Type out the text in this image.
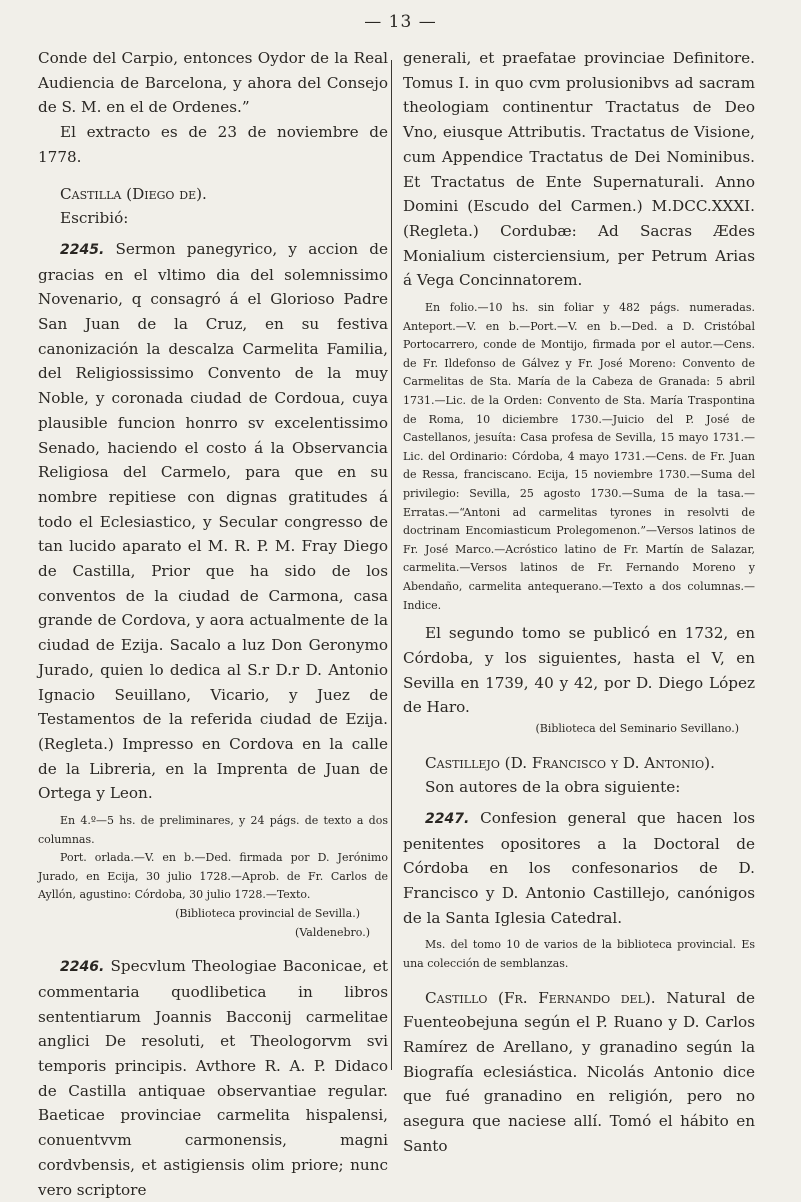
— 13 —

Conde del Carpio, entonces Oydor de la Real Audiencia de Barcelona, y ahora del Consejo de S. M. en el de Ordenes.”

El extracto es de 23 de noviembre de 1778.

Castilla (Diego de).

Escribió:

2245. Sermon panegyrico, y accion de gracias en el vltimo dia del solemnissimo Novenario, q consagró á el Glorioso Padre San Juan de la Cruz, en su festiva canonización la descalza Carmelita Familia, del Religiossissimo Convento de la muy Noble, y coronada ciudad de Cordoua, cuya plausible funcion honrro sv excelentissimo Senado, haciendo el costo á la Observancia Religiosa del Carmelo, para que en su nombre repitiese con dignas gratitudes á todo el Eclesiastico, y Secular congresso de tan lucido aparato el M. R. P. M. Fray Diego de Castilla, Prior que ha sido de los conventos de la ciudad de Carmona, casa grande de Cordova, y aora actualmente de la ciudad de Ezija. Sacalo a luz Don Geronymo Jurado, quien lo dedica al S.r D.r D. Antonio Ignacio Seuillano, Vicario, y Juez de Testamentos de la referida ciudad de Ezija. (Regleta.) Impresso en Cordova en la calle de la Libreria, en la Imprenta de Juan de Ortega y Leon.

En 4.º—5 hs. de preliminares, y 24 págs. de texto a dos columnas.

Port. orlada.—V. en b.—Ded. firmada por D. Jerónimo Jurado, en Ecija, 30 julio 1728.—Aprob. de Fr. Carlos de Ayllón, agustino: Córdoba, 30 julio 1728.—Texto.

(Biblioteca provincial de Sevilla.)

(Valdenebro.)

2246. Specvlum Theologiae Baconicae, et commentaria quodlibetica in libros sententiarum Joannis Bacconij carmelitae anglici De resoluti, et Theologorvm svi temporis principis. Avthore R. A. P. Didaco de Castilla antiquae observantiae regular. Baeticae provinciae carmelita hispalensi, conuentvvm carmonensis, magni cordvbensis, et astigiensis olim priore; nunc vero scriptore

generali, et praefatae provinciae Definitore. Tomus I. in quo cvm prolusionibvs ad sacram theologiam continentur Tractatus de Deo Vno, eiusque Attributis. Tractatus de Visione, cum Appendice Tractatus de Dei Nominibus. Et Tractatus de Ente Supernaturali. Anno Domini (Escudo del Carmen.) M.DCC.XXXI. (Regleta.) Cordubæ: Ad Sacras Ædes Monialium cisterciensium, per Petrum Arias á Vega Concinnatorem.

En folio.—10 hs. sin foliar y 482 págs. numeradas. Anteport.—V. en b.—Port.—V. en b.—Ded. a D. Cristóbal Portocarrero, conde de Montijo, firmada por el autor.—Cens. de Fr. Ildefonso de Gálvez y Fr. José Moreno: Convento de Carmelitas de Sta. María de la Cabeza de Granada: 5 abril 1731.—Lic. de la Orden: Convento de Sta. María Traspontina de Roma, 10 diciembre 1730.—Juicio del P. José de Castellanos, jesuíta: Casa profesa de Sevilla, 15 mayo 1731.—Lic. del Ordinario: Córdoba, 4 mayo 1731.—Cens. de Fr. Juan de Ressa, franciscano. Ecija, 15 noviembre 1730.—Suma del privilegio: Sevilla, 25 agosto 1730.—Suma de la tasa.—Erratas.—“Antoni ad carmelitas tyrones in resolvti de doctrinam Encomiasticum Prolegomenon.”—Versos latinos de Fr. José Marco.—Acróstico latino de Fr. Martín de Salazar, carmelita.—Versos latinos de Fr. Fernando Moreno y Abendaño, carmelita antequerano.—Texto a dos columnas.—Indice.

El segundo tomo se publicó en 1732, en Córdoba, y los siguientes, hasta el V, en Sevilla en 1739, 40 y 42, por D. Diego López de Haro.

(Biblioteca del Seminario Sevillano.)

Castillejo (D. Francisco y D. Antonio).

Son autores de la obra siguiente:

2247. Confesion general que hacen los penitentes opositores a la Doctoral de Córdoba en los confesonarios de D. Francisco y D. Antonio Castillejo, canónigos de la Santa Iglesia Catedral.

Ms. del tomo 10 de varios de la biblioteca provincial. Es una colección de semblanzas.

Castillo (Fr. Fernando del). Natural de Fuenteobejuna según el P. Ruano y D. Carlos Ramírez de Arellano, y granadino según la Biografía eclesiástica. Nicolás Antonio dice que fué granadino en religión, pero no asegura que naciese allí. Tomó el hábito en Santo
